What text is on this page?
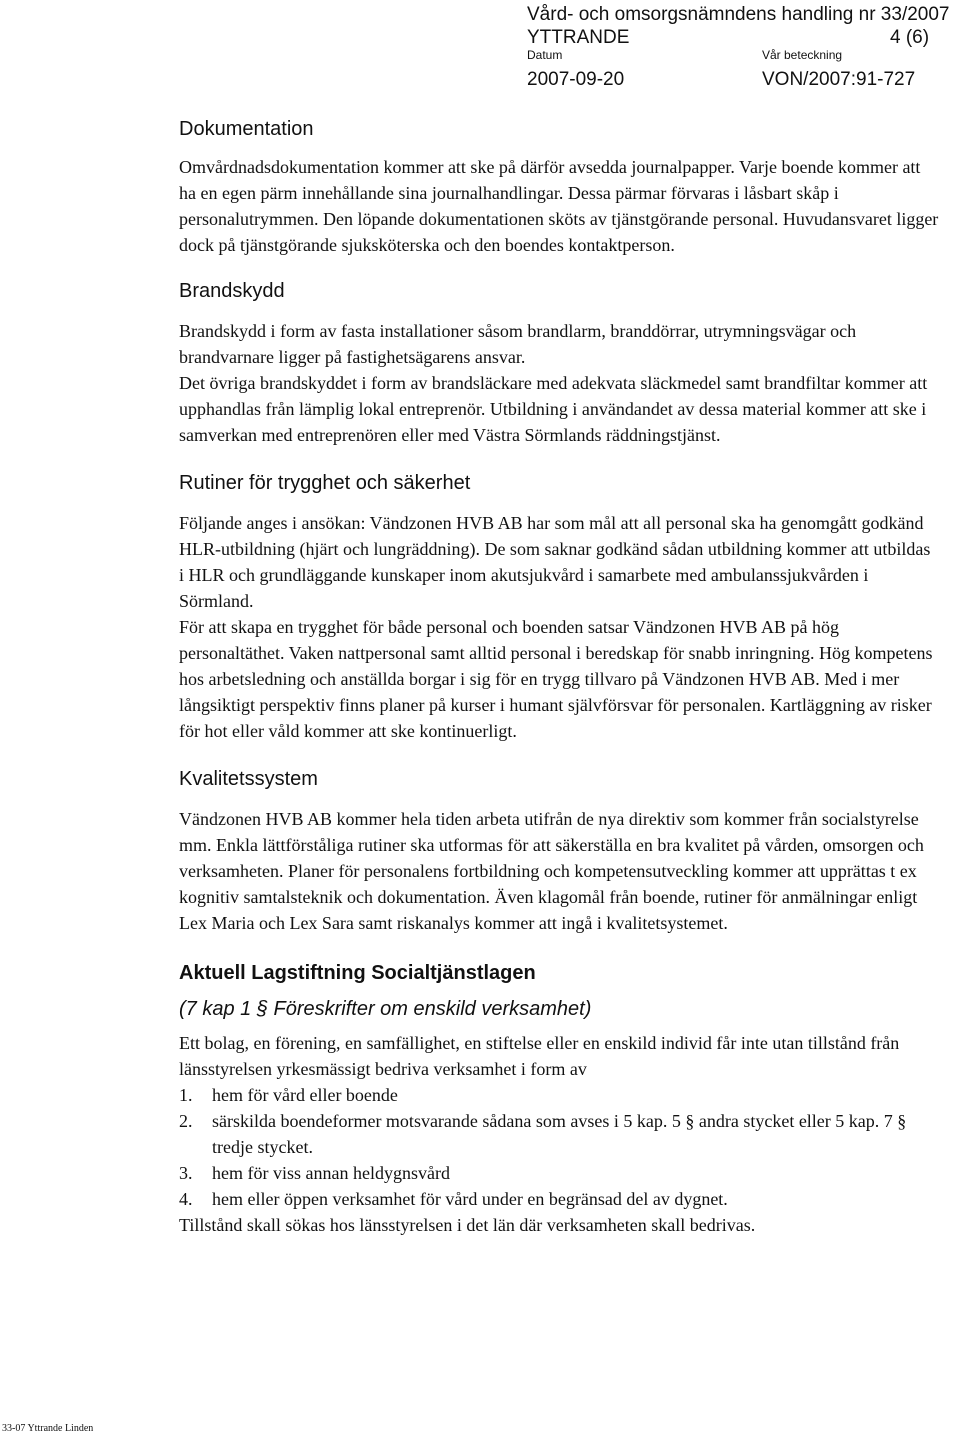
Vård- och omsorgsnämndens handling nr 33/2007
YTTRANDE	4 (6)
Datum	Vår beteckning
2007-09-20	VON/2007:91-727
Dokumentation

Omvårdnadsdokumentation kommer att ske på därför avsedda journalpapper. Varje boende kommer att ha en egen pärm innehållande sina journalhandlingar. Dessa pärmar förvaras i låsbart skåp i personalutrymmen. Den löpande dokumentationen sköts av tjänstgörande personal. Huvudansvaret ligger dock på tjänstgörande sjuksköterska och den boendes kontaktperson.

Brandskydd

Brandskydd i form av fasta installationer såsom brandlarm, branddörrar, utrymningsvägar och brandvarnare ligger på fastighetsägarens ansvar.

Det övriga brandskyddet i form av brandsläckare med adekvata släckmedel samt brandfiltar kommer att upphandlas från lämplig lokal entreprenör. Utbildning i användandet av dessa material kommer att ske i samverkan med entreprenören eller med Västra Sörmlands räddningstjänst.

Rutiner för trygghet och säkerhet

Följande anges i ansökan: Vändzonen HVB AB har som mål att all personal ska ha genomgått godkänd HLR-utbildning (hjärt och lungräddning). De som saknar godkänd sådan utbildning kommer att utbildas i HLR och grundläggande kunskaper inom akutsjukvård i samarbete med ambulanssjukvården i Sörmland.

För att skapa en trygghet för både personal och boenden satsar Vändzonen HVB AB på hög personaltäthet. Vaken nattpersonal samt alltid personal i beredskap för snabb inringning. Hög kompetens hos arbetsledning och anställda borgar i sig för en trygg tillvaro på Vändzonen HVB AB. Med i mer långsiktigt perspektiv finns planer på kurser i humant självförsvar för personalen. Kartläggning av risker för hot eller våld kommer att ske kontinuerligt.

Kvalitetssystem

Vändzonen HVB AB kommer hela tiden arbeta utifrån de nya direktiv som kommer från socialstyrelse mm. Enkla lättförståliga rutiner ska utformas för att säkerställa en bra kvalitet på vården, omsorgen och verksamheten. Planer för personalens fortbildning och kompetensutveckling kommer att upprättas t ex kognitiv samtalsteknik och dokumentation. Även klagomål från boende, rutiner för anmälningar enligt Lex Maria och Lex Sara samt riskanalys kommer att ingå i kvalitetsystemet.

Aktuell Lagstiftning Socialtjänstlagen

(7 kap 1 § Föreskrifter om enskild verksamhet)

Ett bolag, en förening, en samfällighet, en stiftelse eller en enskild individ får inte utan tillstånd från länsstyrelsen yrkesmässigt bedriva verksamhet i form av

1. hem för vård eller boende
2. särskilda boendeformer motsvarande sådana som avses i 5 kap. 5 § andra stycket eller 5 kap. 7 § tredje stycket.
3. hem för viss annan heldygnsvård
4. hem eller öppen verksamhet för vård under en begränsad del av dygnet.

Tillstånd skall sökas hos länsstyrelsen i det län där verksamheten skall bedrivas.

33-07 Yttrande Linden
